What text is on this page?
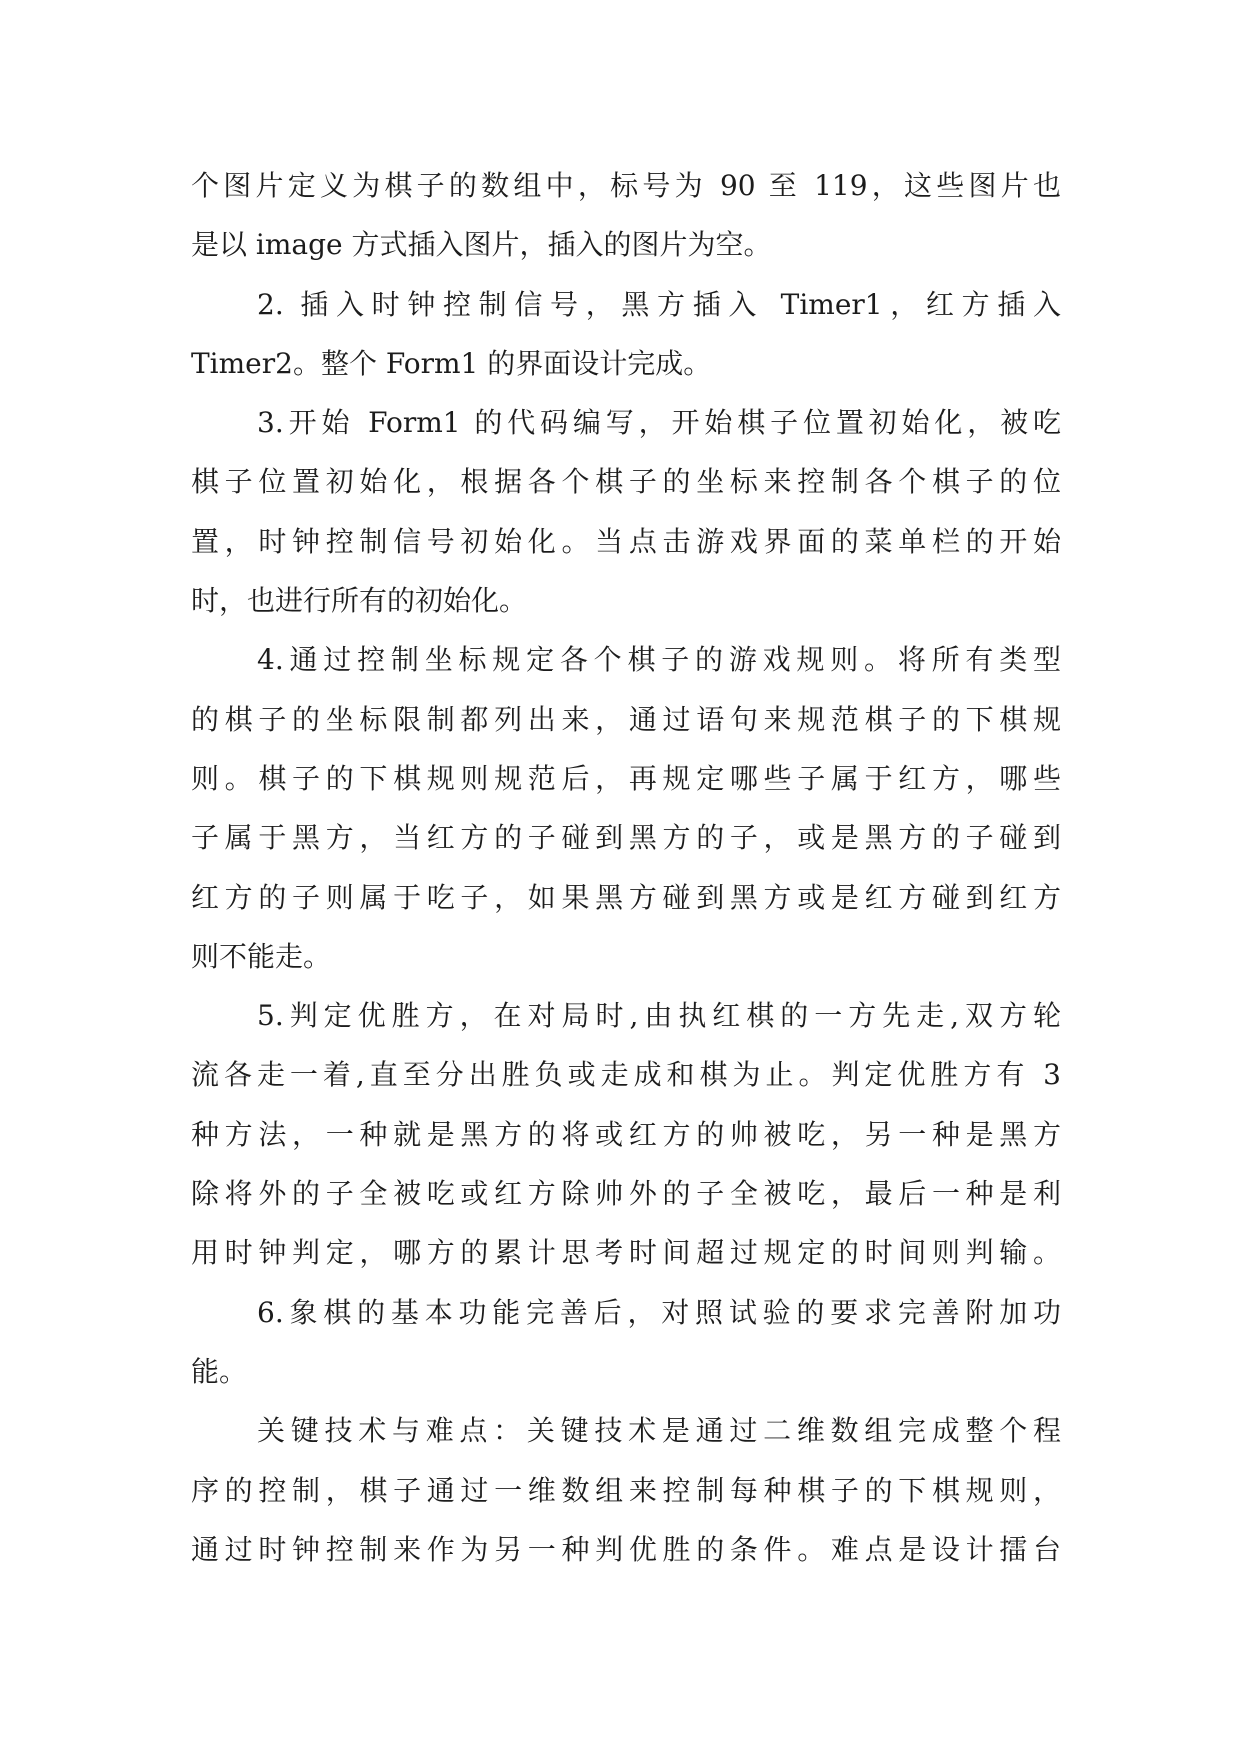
个图片定义为棋子的数组中，标号为 90 至 119，这些图片也
是以 image 方式插入图片，插入的图片为空。
2. 插入时钟控制信号，黑方插入 Timer1，红方插入
Timer2。整个 Form1 的界面设计完成。
3.开始 Form1 的代码编写，开始棋子位置初始化，被吃
棋子位置初始化，根据各个棋子的坐标来控制各个棋子的位
置，时钟控制信号初始化。当点击游戏界面的菜单栏的开始
时，也进行所有的初始化。
4.通过控制坐标规定各个棋子的游戏规则。将所有类型
的棋子的坐标限制都列出来，通过语句来规范棋子的下棋规
则。棋子的下棋规则规范后，再规定哪些子属于红方，哪些
子属于黑方，当红方的子碰到黑方的子，或是黑方的子碰到
红方的子则属于吃子，如果黑方碰到黑方或是红方碰到红方
则不能走。
5.判定优胜方，在对局时,由执红棋的一方先走,双方轮
流各走一着,直至分出胜负或走成和棋为止。判定优胜方有 3
种方法，一种就是黑方的将或红方的帅被吃，另一种是黑方
除将外的子全被吃或红方除帅外的子全被吃，最后一种是利
用时钟判定，哪方的累计思考时间超过规定的时间则判输。
6.象棋的基本功能完善后，对照试验的要求完善附加功
能。
关键技术与难点：关键技术是通过二维数组完成整个程
序的控制，棋子通过一维数组来控制每种棋子的下棋规则，
通过时钟控制来作为另一种判优胜的条件。难点是设计擂台
